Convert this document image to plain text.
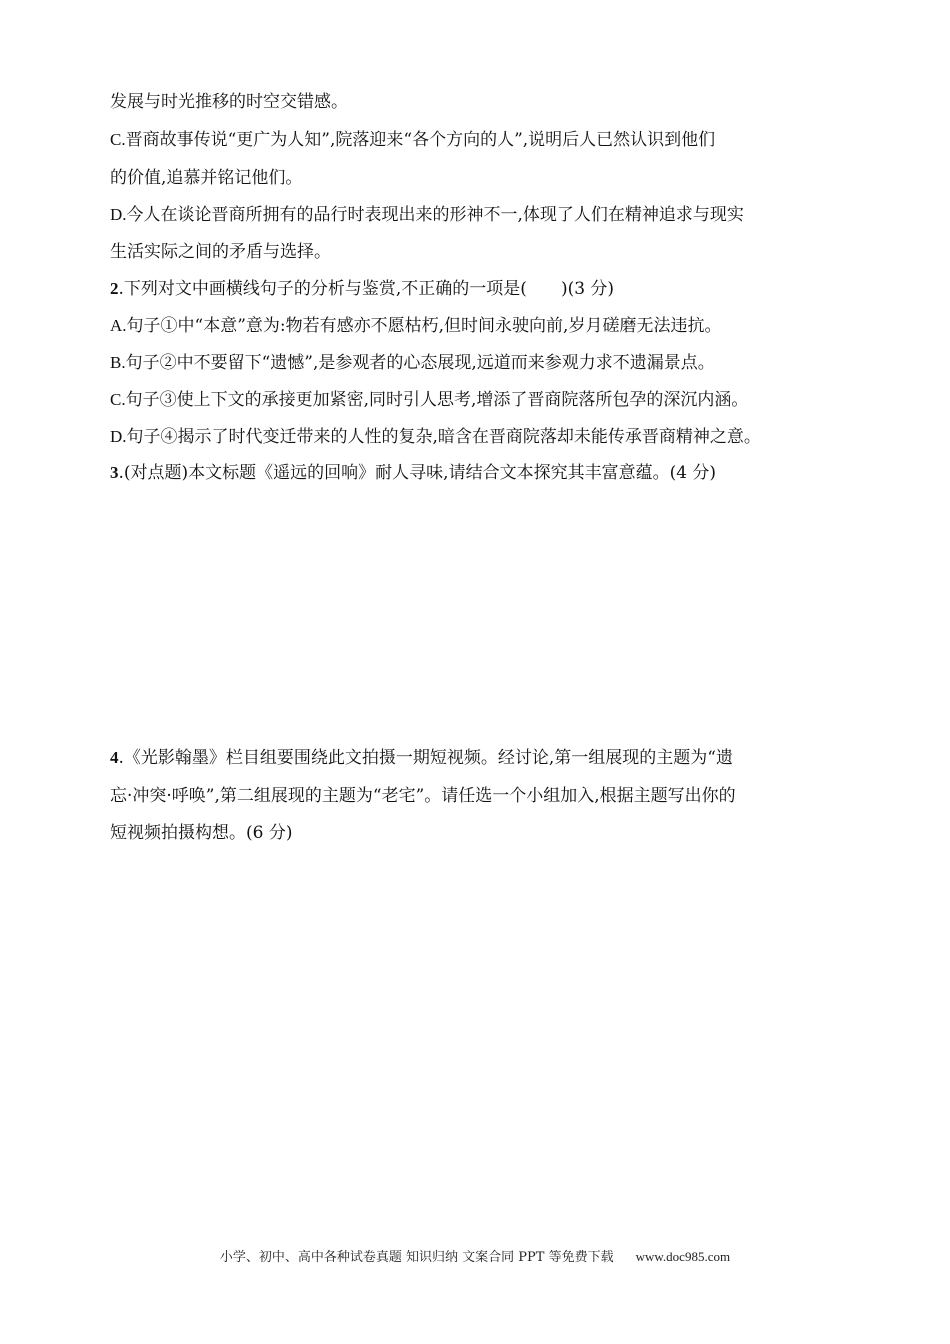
发展与时光推移的时空交错感。
C.晋商故事传说“更广为人知”,院落迎来“各个方向的人”,说明后人已然认识到他们
的价值,追慕并铭记他们。
D.今人在谈论晋商所拥有的品行时表现出来的形神不一,体现了人们在精神追求与现实
生活实际之间的矛盾与选择。
2.下列对文中画横线句子的分析与鉴赏,不正确的一项是(　　)(3 分)
A.句子①中“本意”意为:物若有感亦不愿枯朽,但时间永驶向前,岁月磋磨无法违抗。
B.句子②中不要留下“遗憾”,是参观者的心态展现,远道而来参观力求不遗漏景点。
C.句子③使上下文的承接更加紧密,同时引人思考,增添了晋商院落所包孕的深沉内涵。
D.句子④揭示了时代变迁带来的人性的复杂,暗含在晋商院落却未能传承晋商精神之意。
3.(对点题)本文标题《遥远的回响》耐人寻味,请结合文本探究其丰富意蕴。(4 分)
4.《光影翰墨》栏目组要围绕此文拍摄一期短视频。经讨论,第一组展现的主题为“遗
忘·冲突·呼唤”,第二组展现的主题为“老宅”。请任选一个小组加入,根据主题写出你的
短视频拍摄构想。(6 分)
小学、初中、高中各种试卷真题 知识归纳 文案合同 PPT 等免费下载 www.doc985.com
